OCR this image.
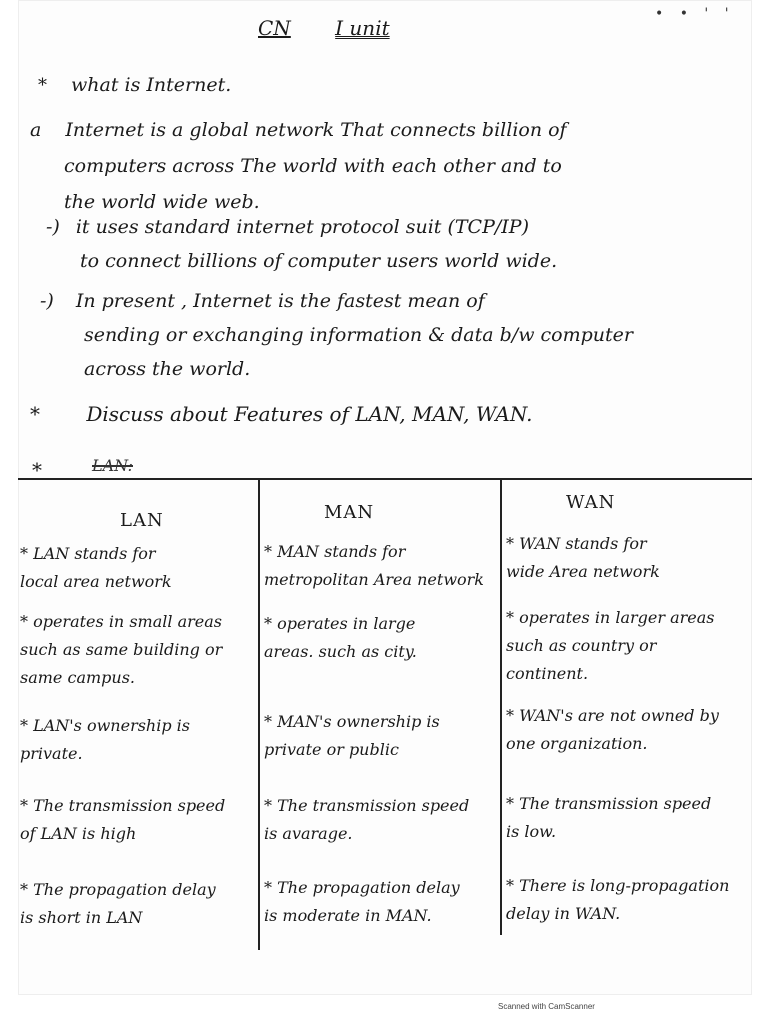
• • ' '
CN I unit
* what is Internet.
a Internet is a global network That connects billion of
computers across The world with each other and to
the world wide web.
-) it uses standard internet protocol suit (TCP/IP)
to connect billions of computer users world wide.
-) In present , Internet is the fastest mean of
sending or exchanging information & data b/w computer
across the world.
* Discuss about Features of LAN, MAN, WAN.
*	LAN:
LAN
* LAN stands for
local area network
* operates in small areas
such as same building or
same campus.
* LAN's ownership is
private.
* The transmission speed
of LAN is high
* The propagation delay
is short in LAN
MAN
* MAN stands for
metropolitan Area network
* operates in large
areas. such as city.
* MAN's ownership is
private or public
* The transmission speed
is avarage.
* The propagation delay
is moderate in MAN.
WAN
* WAN stands for
wide Area network
* operates in larger areas
such as country or
continent.
* WAN's are not owned by
one organization.
* The transmission speed
is low.
* There is long-propagation
delay in WAN.
Scanned with CamScanner
